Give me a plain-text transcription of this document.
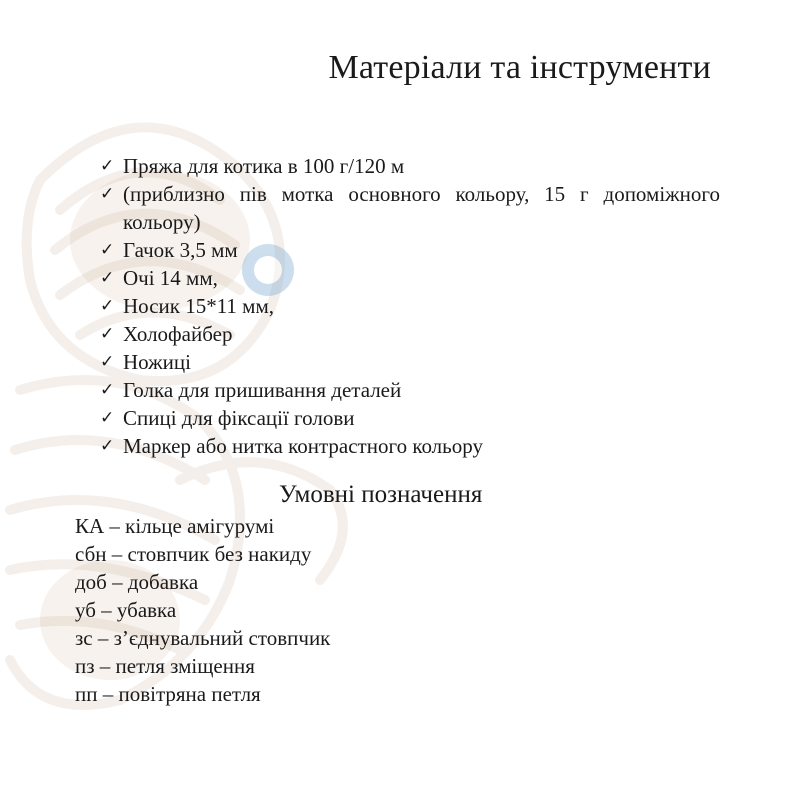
Матеріали та інструменти
✓ Пряжа для котика в 100 г/120 м
✓ (приблизно пів мотка основного кольору, 15 г допоміжного кольору)
✓ Гачок 3,5 мм
✓ Очі 14 мм,
✓ Носик 15*11 мм,
✓ Холофайбер
✓ Ножиці
✓ Голка для пришивання деталей
✓ Спиці для фіксації голови
✓ Маркер або нитка контрастного кольору
Умовні позначення
КА – кільце амігурумі
сбн – стовпчик без накиду
доб – добавка
уб – убавка
зс – з’єднувальний стовпчик
пз – петля зміщення
пп – повітряна петля
